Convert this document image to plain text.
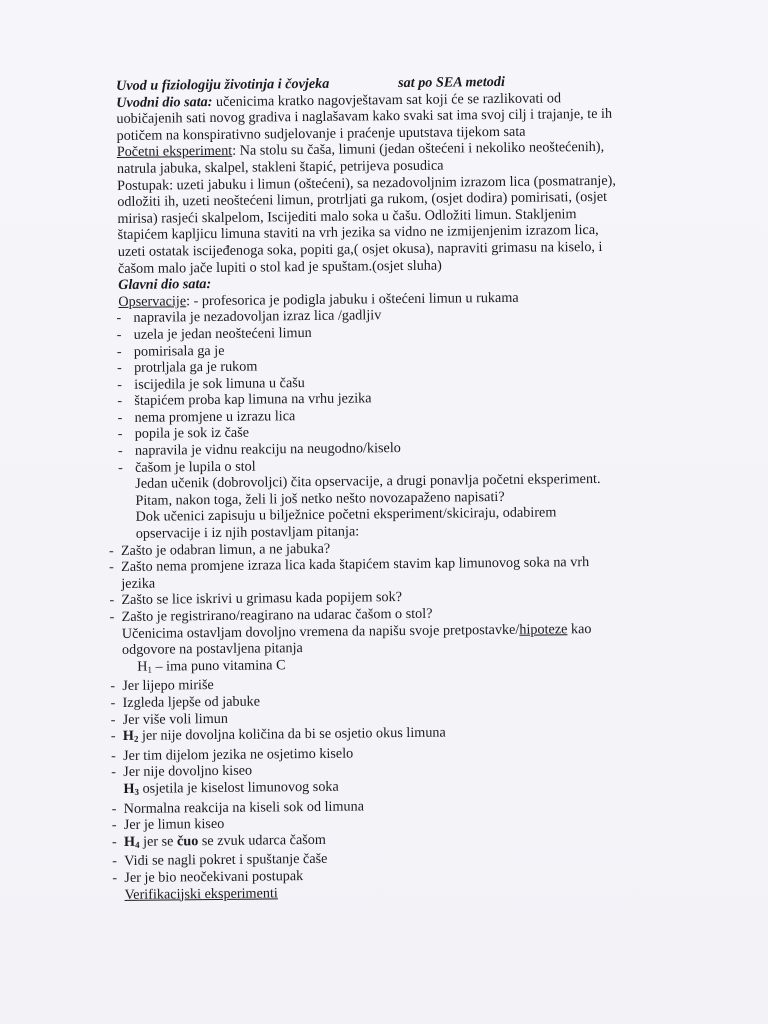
Uvod u fiziologiju životinja i čovjeka	sat po SEA metodi
Uvodni dio sata: učenicima kratko nagovještavam sat koji će se razlikovati od
uobičajenih sati novog gradiva i naglašavam kako svaki sat ima svoj cilj i trajanje, te ih
potičem na konspirativno sudjelovanje i praćenje uputstava tijekom sata
Početni eksperiment: Na stolu su čaša, limuni (jedan oštećeni i nekoliko neoštećenih),
natrula jabuka, skalpel, stakleni štapić, petrijeva posudica
Postupak: uzeti jabuku i limun (oštećeni), sa nezadovoljnim izrazom lica (posmatranje),
odložiti ih, uzeti neoštećeni limun, protrljati ga rukom, (osjet dodira) pomirisati, (osjet
mirisa) rasjeći skalpelom, Iscijediti malo soka u čašu. Odložiti limun. Stakljenim
štapićem kapljicu limuna staviti na vrh jezika sa vidno ne izmijenjenim izrazom lica,
uzeti ostatak iscijeđenoga soka, popiti ga,( osjet okusa), napraviti grimasu na kiselo, i
čašom malo jače lupiti o stol kad je spuštam.(osjet sluha)
Glavni dio sata:
Opservacije: - profesorica je podigla jabuku i oštećeni limun u rukama
- napravila je nezadovoljan izraz lica /gadljiv
- uzela je jedan neoštećeni limun
- pomirisala ga je
- protrljala ga je rukom
- iscijedila je sok limuna u čašu
- štapićem proba kap limuna na vrhu jezika
- nema promjene u izrazu lica
- popila je sok iz čaše
- napravila je vidnu reakciju na neugodno/kiselo
- čašom je lupila o stol
Jedan učenik (dobrovoljci) čita opservacije, a drugi ponavlja početni eksperiment.
Pitam, nakon toga, želi li još netko nešto novozapaženo napisati?
Dok učenici zapisuju u bilježnice početni eksperiment/skiciraju, odabirem
opservacije i iz njih postavljam pitanja:
- Zašto je odabran limun, a ne jabuka?
- Zašto nema promjene izraza lica kada štapićem stavim kap limunovog soka na vrh
jezika
- Zašto se lice iskrivi u grimasu kada popijem sok?
- Zašto je registrirano/reagirano na udarac čašom o stol?
Učenicima ostavljam dovoljno vremena da napišu svoje pretpostavke/hipoteze kao
odgovore na postavljena pitanja
$H_1$ – ima puno vitamina C
- Jer lijepo miriše
- Izgleda ljepše od jabuke
- Jer više voli limun
- $H_2$ jer nije dovoljna količina da bi se osjetio okus limuna
- Jer tim dijelom jezika ne osjetimo kiselo
- Jer nije dovoljno kiseo
$H_3$ osjetila je kiselost limunovog soka
- Normalna reakcija na kiseli sok od limuna
- Jer je limun kiseo
- $H_4$ jer se čuo se zvuk udarca čašom
- Vidi se nagli pokret i spuštanje čaše
- Jer je bio neočekivani postupak
Verifikacijski eksperimenti
